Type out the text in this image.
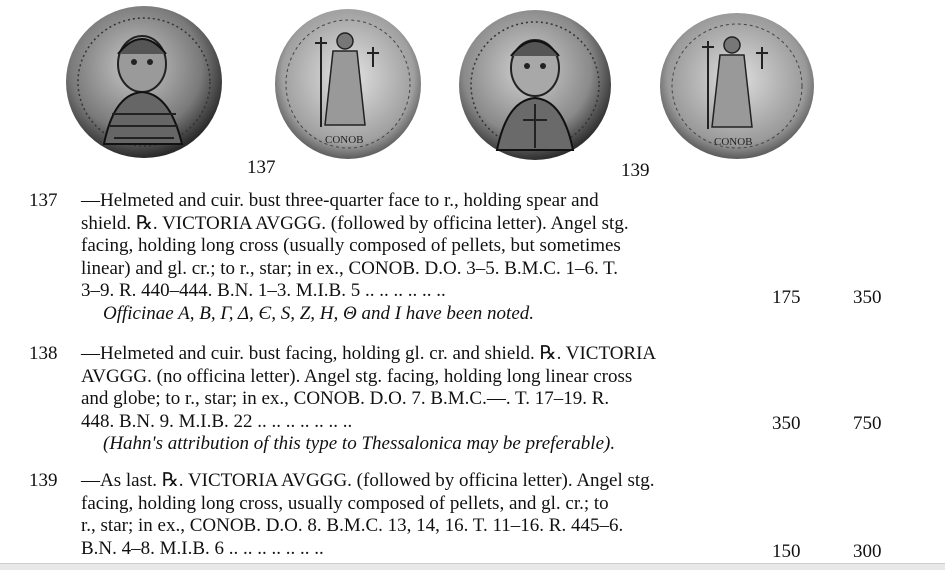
CONOB	CONOB
137	139
137 —Helmeted and cuir. bust three-quarter face to r., holding spear and
shield. ℞. VICTORIA AVGGG. (followed by officina letter). Angel stg.
facing, holding long cross (usually composed of pellets, but sometimes
linear) and gl. cr.; to r., star; in ex., CONOB. D.O. 3–5. B.M.C. 1–6. T.
3–9. R. 440–444. B.N. 1–3. M.I.B. 5 .. .. .. .. .. ..
Officinae A, B, Γ, Δ, Є, S, Z, H, Θ and I have been noted.
175	350
138 —Helmeted and cuir. bust facing, holding gl. cr. and shield. ℞. VICTORIA
AVGGG. (no officina letter). Angel stg. facing, holding long linear cross
and globe; to r., star; in ex., CONOB. D.O. 7. B.M.C.—. T. 17–19. R.
448. B.N. 9. M.I.B. 22 .. .. .. .. .. .. ..
(Hahn's attribution of this type to Thessalonica may be preferable).
350	750
139 —As last. ℞. VICTORIA AVGGG. (followed by officina letter). Angel stg.
facing, holding long cross, usually composed of pellets, and gl. cr.; to
r., star; in ex., CONOB. D.O. 8. B.M.C. 13, 14, 16. T. 11–16. R. 445–6.
B.N. 4–8. M.I.B. 6 .. .. .. .. .. .. ..	150	300
